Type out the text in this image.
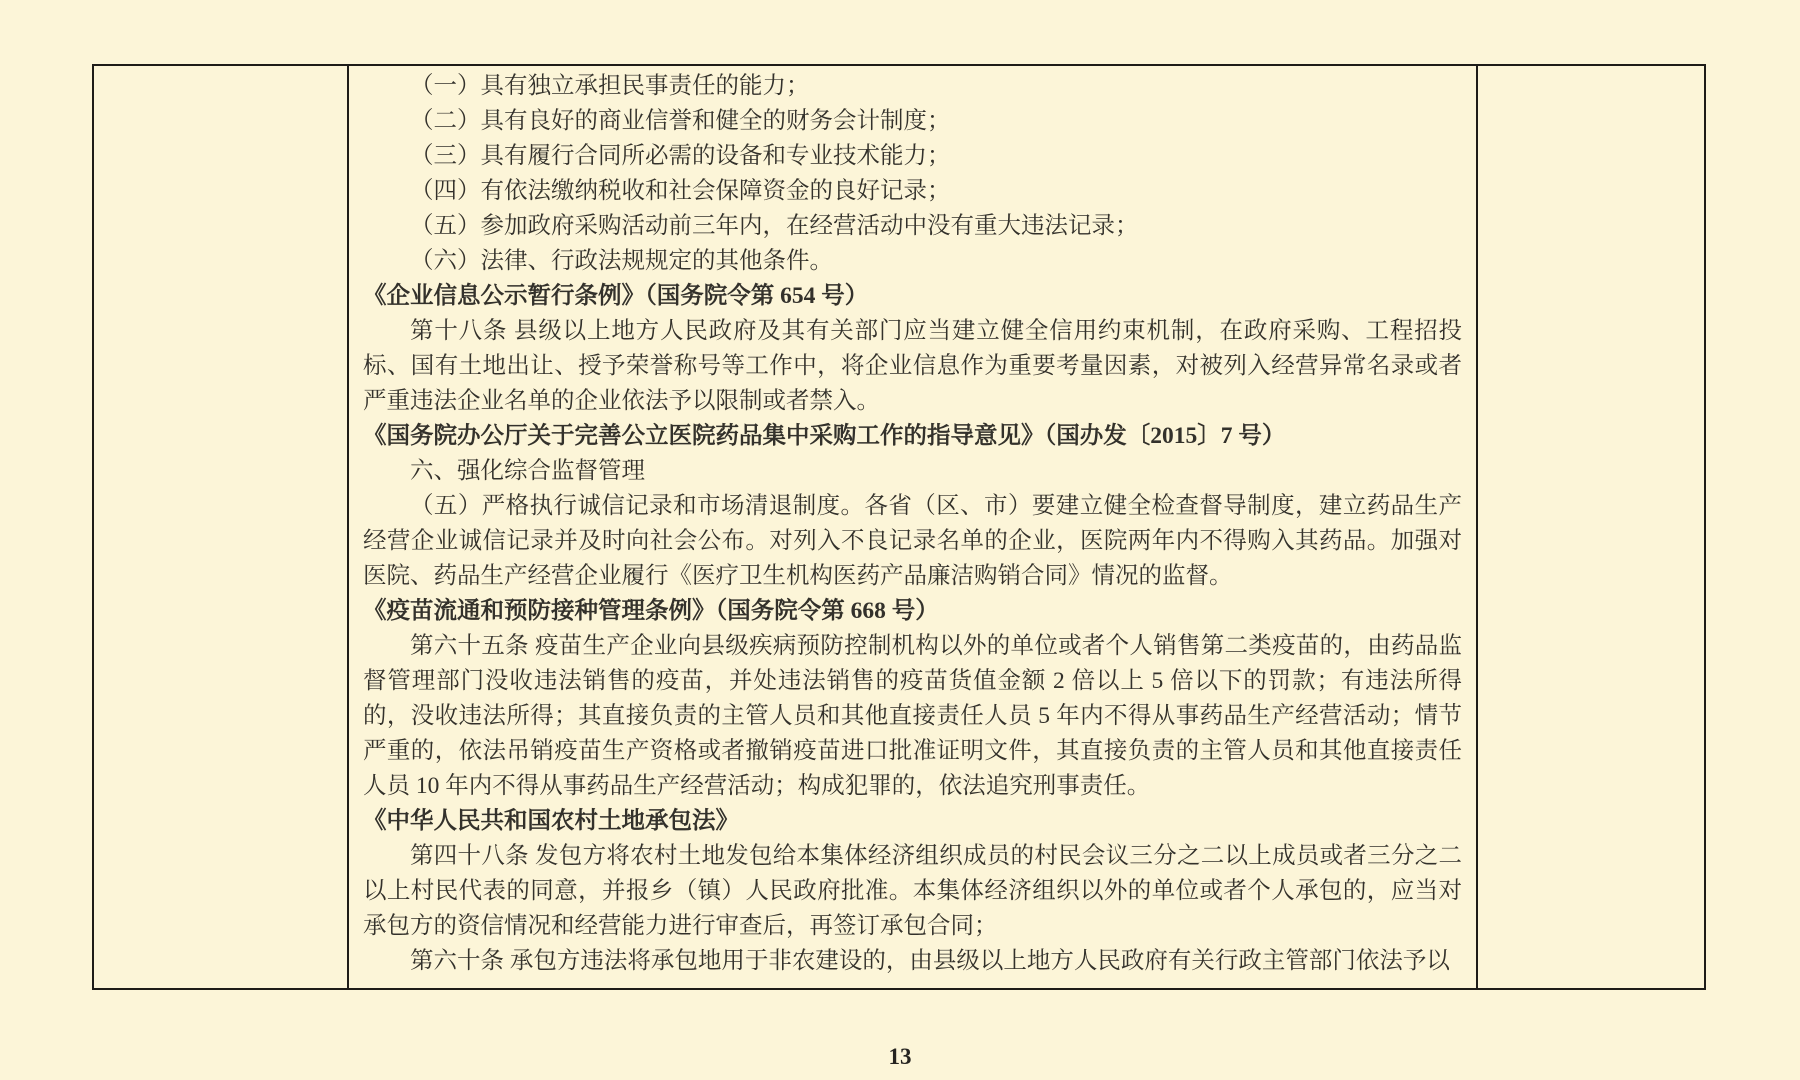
（一）具有独立承担民事责任的能力；

（二）具有良好的商业信誉和健全的财务会计制度；

（三）具有履行合同所必需的设备和专业技术能力；

（四）有依法缴纳税收和社会保障资金的良好记录；

（五）参加政府采购活动前三年内，在经营活动中没有重大违法记录；

（六）法律、行政法规规定的其他条件。

《企业信息公示暂行条例》（国务院令第 654 号）

第十八条 县级以上地方人民政府及其有关部门应当建立健全信用约束机制，在政府采购、工程招投标、国有土地出让、授予荣誉称号等工作中，将企业信息作为重要考量因素，对被列入经营异常名录或者严重违法企业名单的企业依法予以限制或者禁入。

《国务院办公厅关于完善公立医院药品集中采购工作的指导意见》（国办发〔2015〕7 号）

六、强化综合监督管理

（五）严格执行诚信记录和市场清退制度。各省（区、市）要建立健全检查督导制度，建立药品生产经营企业诚信记录并及时向社会公布。对列入不良记录名单的企业，医院两年内不得购入其药品。加强对医院、药品生产经营企业履行《医疗卫生机构医药产品廉洁购销合同》情况的监督。

《疫苗流通和预防接种管理条例》（国务院令第 668 号）

第六十五条 疫苗生产企业向县级疾病预防控制机构以外的单位或者个人销售第二类疫苗的，由药品监督管理部门没收违法销售的疫苗，并处违法销售的疫苗货值金额 2 倍以上 5 倍以下的罚款；有违法所得的，没收违法所得；其直接负责的主管人员和其他直接责任人员 5 年内不得从事药品生产经营活动；情节严重的，依法吊销疫苗生产资格或者撤销疫苗进口批准证明文件，其直接负责的主管人员和其他直接责任人员 10 年内不得从事药品生产经营活动；构成犯罪的，依法追究刑事责任。

《中华人民共和国农村土地承包法》

第四十八条 发包方将农村土地发包给本集体经济组织成员的村民会议三分之二以上成员或者三分之二以上村民代表的同意，并报乡（镇）人民政府批准。本集体经济组织以外的单位或者个人承包的，应当对承包方的资信情况和经营能力进行审查后，再签订承包合同；

第六十条 承包方违法将承包地用于非农建设的，由县级以上地方人民政府有关行政主管部门依法予以

13
